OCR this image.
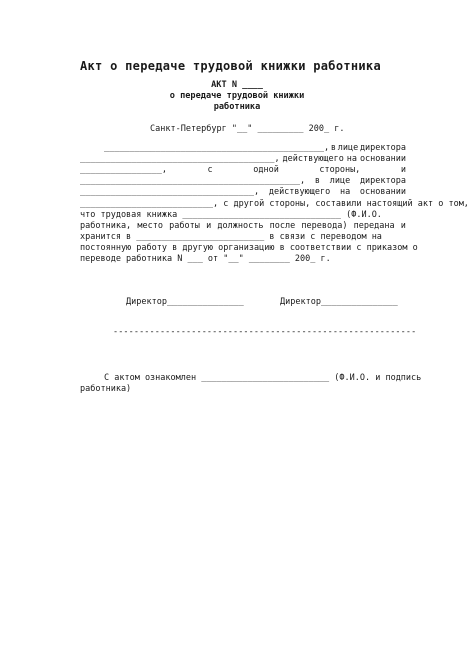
Акт о передаче трудовой книжки работника
АКТ N ____
о передаче трудовой книжки
работника
Санкт-Петербург "__" _________ 200_ г.
___________________________________________, в лице директора
______________________________________, действующего на основании
________________,	с	одной	стороны,	и
___________________________________________, в лице директора
__________________________________, действующего на основании
__________________________, с другой стороны, составили настоящий акт о том,
что трудовая книжка _______________________________ (Ф.И.О.
работника, место работы и должность после перевода) передана и
хранится в _________________________ в связи с переводом на
постоянную работу в другую организацию в соответствии с приказом о
переводе работника N ___ от "__" ________ 200_ г.
Директор_______________	Директор_______________
----------------------------- -----------------------------
С актом ознакомлен _________________________ (Ф.И.О. и подпись
работника)
